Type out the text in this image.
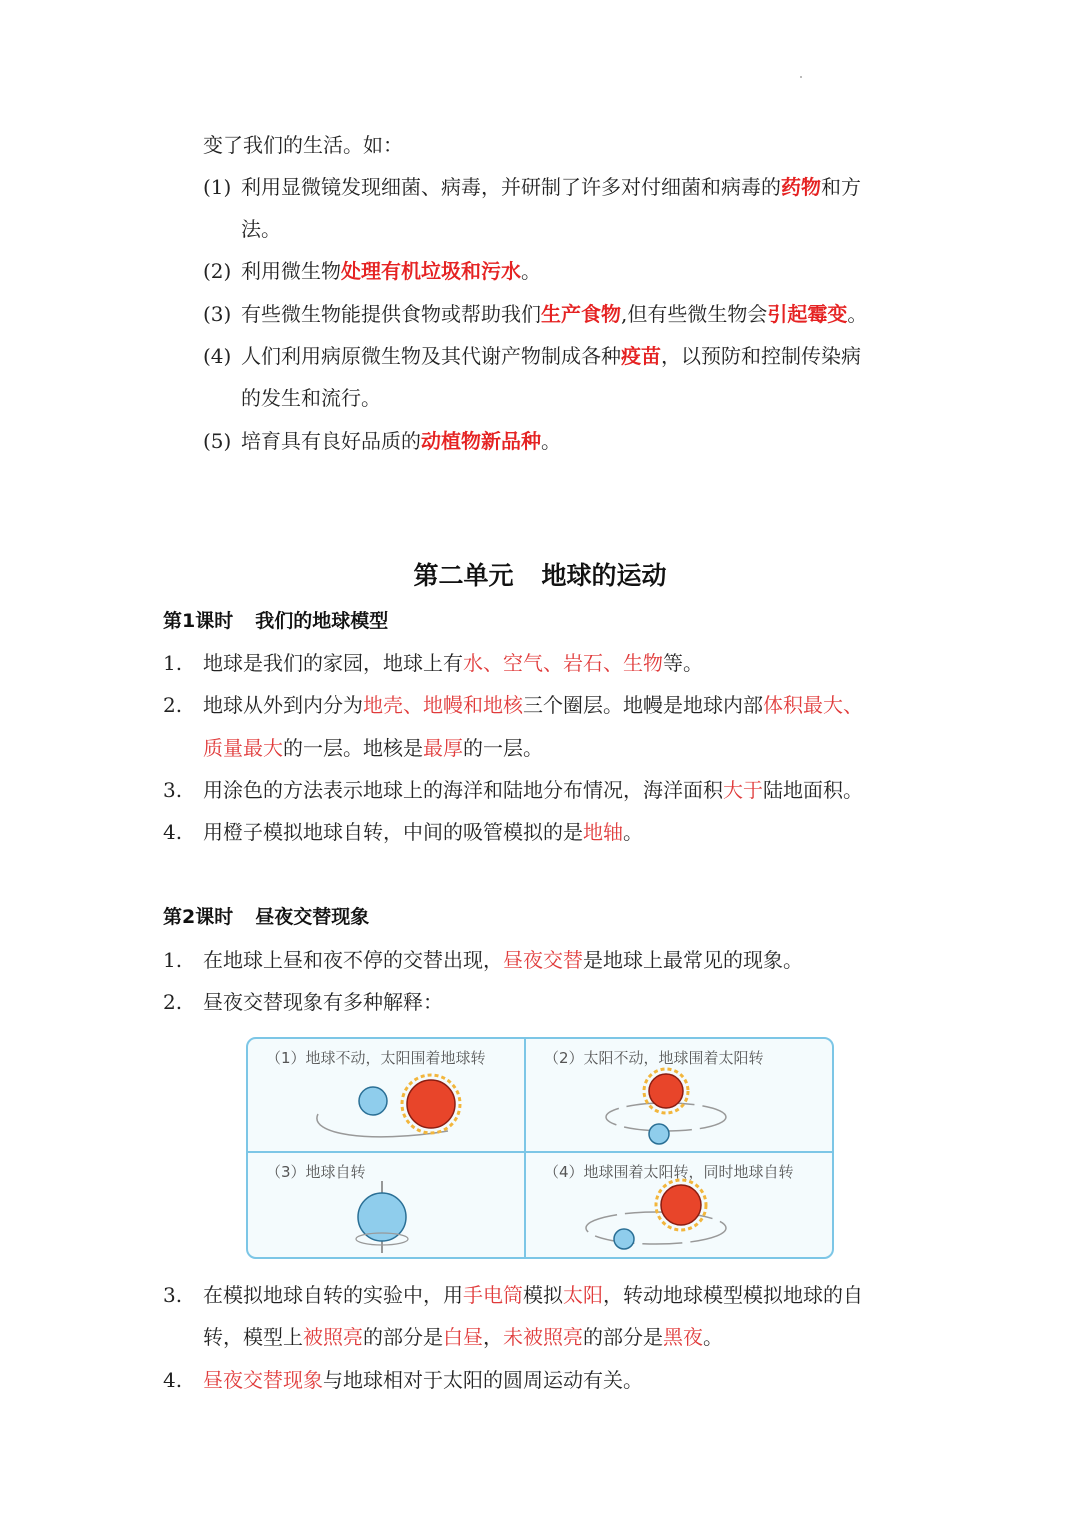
变了我们的生活。如：
(1) 利用显微镜发现细菌、病毒，并研制了许多对付细菌和病毒的药物和方
法。
(2) 利用微生物处理有机垃圾和污水。
(3) 有些微生物能提供食物或帮助我们生产食物,但有些微生物会引起霉变。
(4) 人们利用病原微生物及其代谢产物制成各种疫苗，以预防和控制传染病
的发生和流行。
(5) 培育具有良好品质的动植物新品种。
第二单元 地球的运动
第1课时 我们的地球模型
1. 地球是我们的家园，地球上有水、空气、岩石、生物等。
2. 地球从外到内分为地壳、地幔和地核三个圈层。地幔是地球内部体积最大、
质量最大的一层。地核是最厚的一层。
3. 用涂色的方法表示地球上的海洋和陆地分布情况，海洋面积大于陆地面积。
4. 用橙子模拟地球自转，中间的吸管模拟的是地轴。
第2课时 昼夜交替现象
1. 在地球上昼和夜不停的交替出现，昼夜交替是地球上最常见的现象。
2. 昼夜交替现象有多种解释：
（1）地球不动，太阳围着地球转	（2）太阳不动，地球围着太阳转
（3）地球自转	（4）地球围着太阳转，同时地球自转
3. 在模拟地球自转的实验中，用手电筒模拟太阳，转动地球模型模拟地球的自
转，模型上被照亮的部分是白昼，未被照亮的部分是黑夜。
4. 昼夜交替现象与地球相对于太阳的圆周运动有关。
